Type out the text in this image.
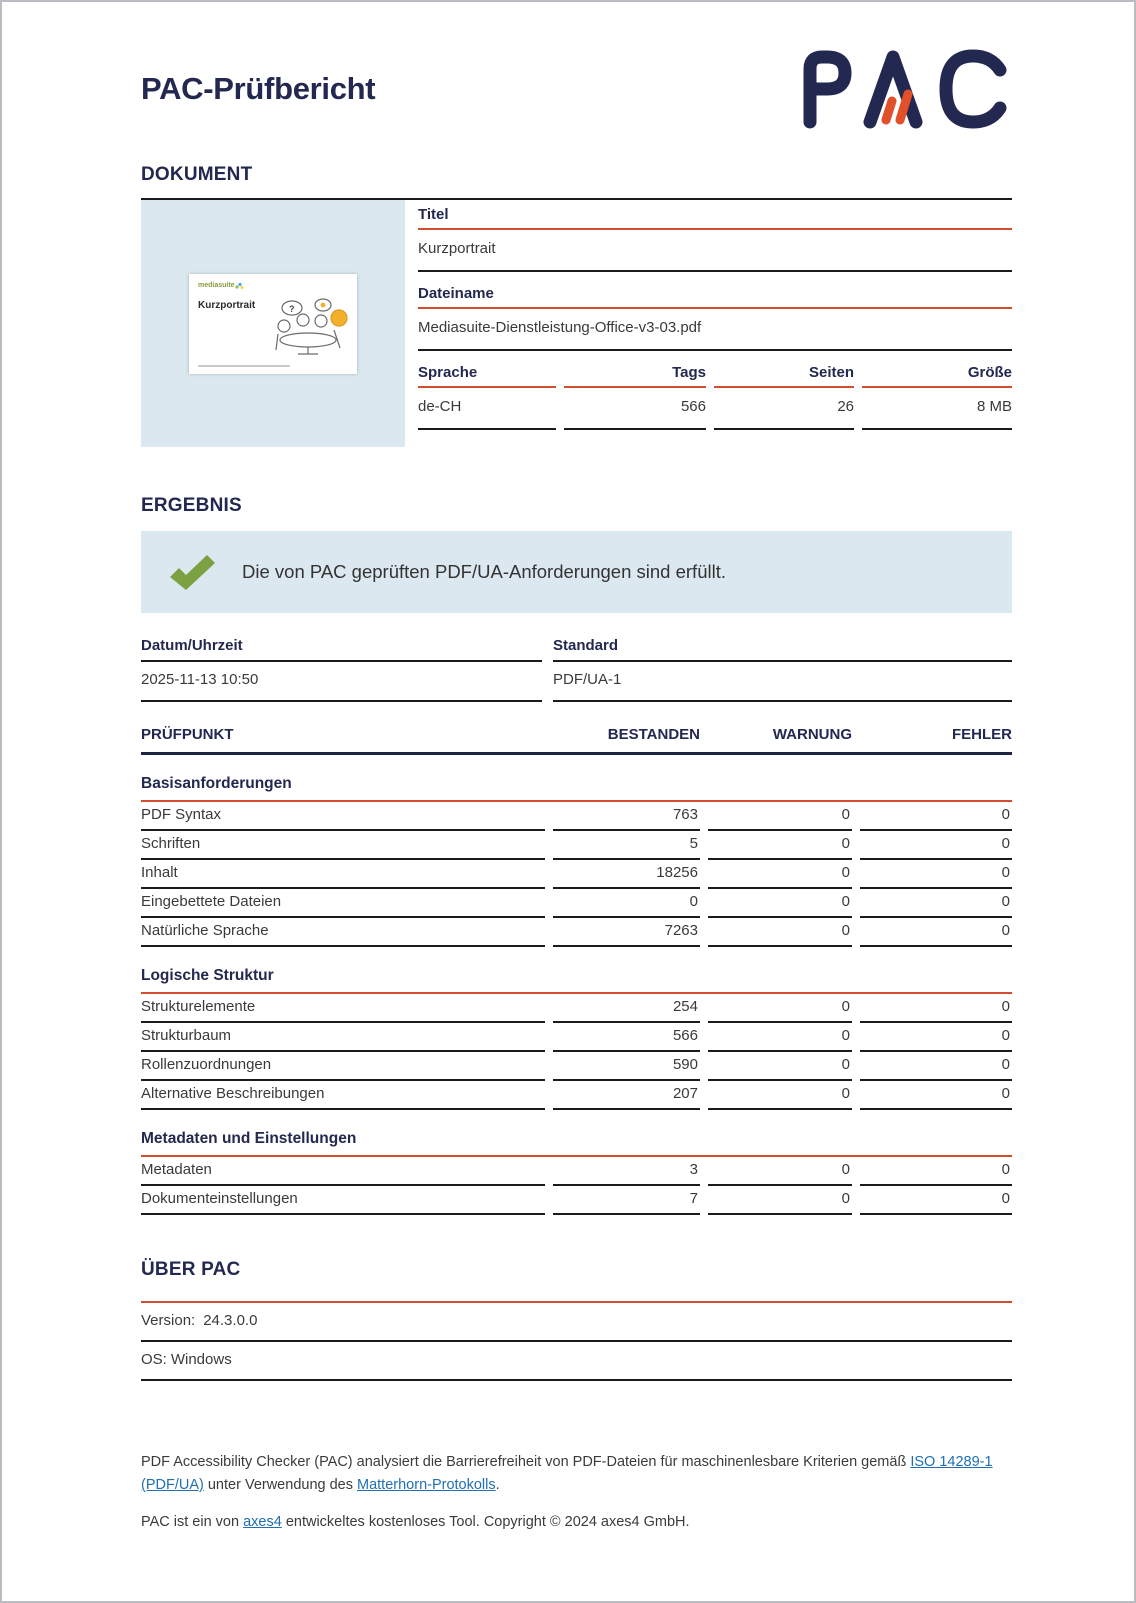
PAC-Prüfbericht
DOKUMENT
mediasuite
Kurzportrait	?
Titel
Kurzportrait
Dateiname
Mediasuite-Dienstleistung-Office-v3-03.pdf
Sprache	Tags	Seiten	Größe
de-CH	566	26	8 MB
ERGEBNIS
Die von PAC geprüften PDF/UA-Anforderungen sind erfüllt.
Datum/Uhrzeit
2025-11-13 10:50
Standard
PDF/UA-1
PRÜFPUNKT	BESTANDEN	WARNUNG	FEHLER
Basisanforderungen
PDF Syntax	763	0	0
Schriften	5	0	0
Inhalt	18256	0	0
Eingebettete Dateien	0	0	0
Natürliche Sprache	7263	0	0
Logische Struktur
Strukturelemente	254	0	0
Strukturbaum	566	0	0
Rollenzuordnungen	590	0	0
Alternative Beschreibungen	207	0	0
Metadaten und Einstellungen
Metadaten	3	0	0
Dokumenteinstellungen	7	0	0
ÜBER PAC
Version: 24.3.0.0
OS: Windows

PDF Accessibility Checker (PAC) analysiert die Barrierefreiheit von PDF-Dateien für maschinenlesbare Kriterien gemäß ISO 14289-1 (PDF/UA) unter Verwendung des Matterhorn-Protokolls.

PAC ist ein von axes4 entwickeltes kostenloses Tool. Copyright © 2024 axes4 GmbH.
